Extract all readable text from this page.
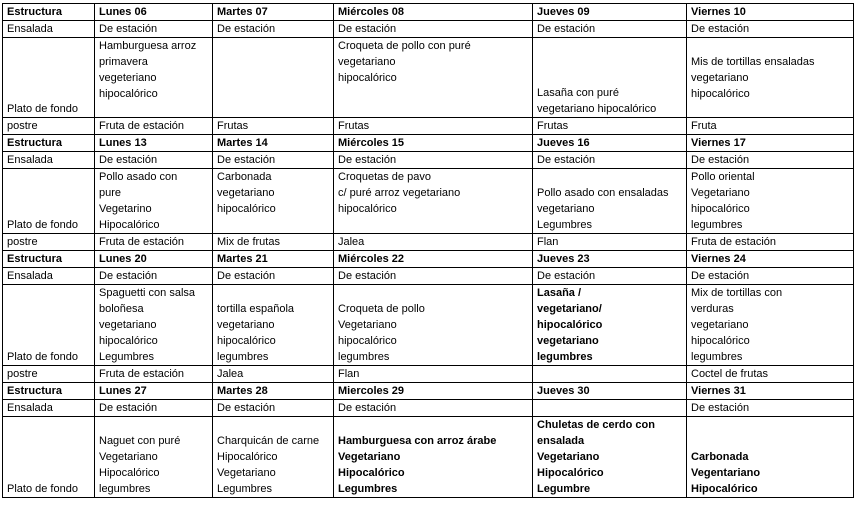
Estructura	Lunes 06	Martes 07	Miércoles 08	Jueves 09	Viernes 10
Ensalada	De estación	De estación	De estación	De estación	De estación
Plato de fondo	Hamburguesa arroz
primavera
vegeteriano
hipocalórico		Croqueta de pollo con puré
vegetariano
hipocalórico	Lasaña con puré
vegetariano hipocalórico	Mis de tortillas ensaladas
vegetariano
hipocalórico

postre	Fruta de estación	Frutas	Frutas	Frutas	Fruta
Estructura	Lunes 13	Martes 14	Miércoles 15	Jueves 16	Viernes 17
Ensalada	De estación	De estación	De estación	De estación	De estación
Plato de fondo	Pollo asado con
pure
Vegetarino
Hipocalórico	Carbonada
vegetariano
hipocalórico	Croquetas de pavo
c/ puré arroz vegetariano
hipocalórico	Pollo asado con ensaladas
vegetariano
Legumbres	Pollo oriental
Vegetariano
hipocalórico
legumbres

postre	Fruta de estación	Mix de frutas	Jalea	Flan	Fruta de estación
Estructura	Lunes 20	Martes 21	Miércoles 22	Jueves 23	Viernes 24
Ensalada	De estación	De estación	De estación	De estación	De estación
Plato de fondo	Spaguetti con salsa
boloñesa
vegetariano
hipocalórico
Legumbres	tortilla española
vegetariano
hipocalórico
legumbres	Croqueta de pollo
Vegetariano
hipocalórico
legumbres	Lasaña /
vegetariano/
hipocalórico
vegetariano
legumbres	Mix de tortillas con
verduras
vegetariano
hipocalórico
legumbres

postre	Fruta de estación	Jalea	Flan		Coctel de frutas
Estructura	Lunes 27	Martes 28	Miercoles 29	Jueves 30	Viernes 31
Ensalada	De estación	De estación	De estación		De estación
Plato de fondo	Naguet con puré
Vegetariano
Hipocalórico
legumbres	Charquicán de carne
Hipocalórico
Vegetariano
Legumbres	Hamburguesa con arroz árabe
Vegetariano
Hipocalórico
Legumbres	Chuletas de cerdo con
ensalada
Vegetariano
Hipocalórico
Legumbre	Carbonada
Vegentariano
Hipocalórico
